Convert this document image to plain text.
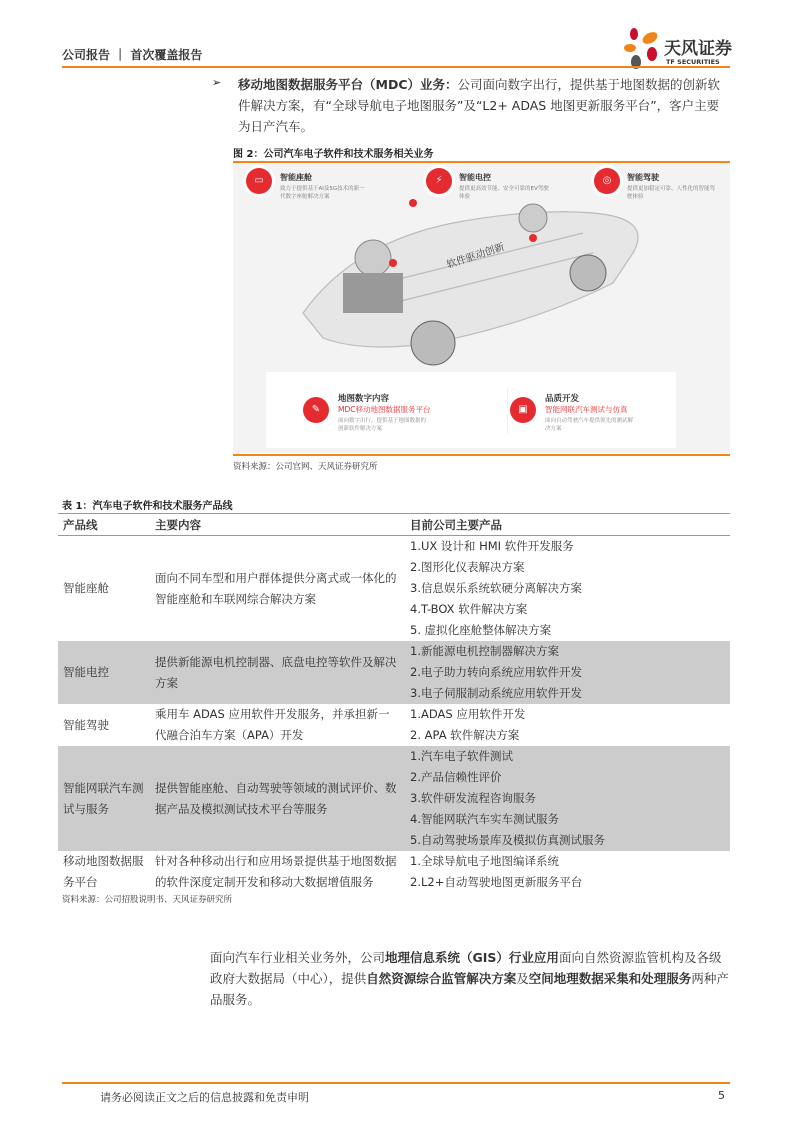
公司报告 ｜ 首次覆盖报告	天风证券
TF SECURITIES
➢ 移动地图数据服务平台（MDC）业务：公司面向数字出行，提供基于地图数据的创新软件解决方案，有“全球导航电子地图服务”及“L2+ ADAS 地图更新服务平台”，客户主要为日产汽车。
图 2：公司汽车电子软件和技术服务相关业务
软件驱动创新
▭	智能座舱
致力于提供基于AI及5G技术的新一代数字座舱解决方案
⚡	智能电控
提供更高效节能、安全可靠的EV驾驶体验
◎	智能驾驶
提供更加稳定可靠、人性化的智能驾驶体验
✎
地图数字内容
MDC移动地图数据服务平台
面向数字出行，提供基于地图数据的创新软件解决方案
▣
品质开发
智能网联汽车测试与仿真
面向自动驾驶汽车提供领先的测试解决方案
资料来源：公司官网、天风证券研究所
表 1：汽车电子软件和技术服务产品线
产品线	主要内容	目前公司主要产品
智能座舱	面向不同车型和用户群体提供分离式或一体化的智能座舱和车联网综合解决方案	1.UX 设计和 HMI 软件开发服务
2.图形化仪表解决方案
3.信息娱乐系统软硬分离解决方案
4.T-BOX 软件解决方案
5. 虚拟化座舱整体解决方案

智能电控	提供新能源电机控制器、底盘电控等软件及解决方案	1.新能源电机控制器解决方案
2.电子助力转向系统应用软件开发
3.电子伺服制动系统应用软件开发

智能驾驶	乘用车 ADAS 应用软件开发服务，并承担新一代融合泊车方案（APA）开发	1.ADAS 应用软件开发
2. APA 软件解决方案

智能网联汽车测试与服务	提供智能座舱、自动驾驶等领域的测试评价、数据产品及模拟测试技术平台等服务	1.汽车电子软件测试
2.产品信赖性评价
3.软件研发流程咨询服务
4.智能网联汽车实车测试服务
5.自动驾驶场景库及模拟仿真测试服务

移动地图数据服务平台	针对各种移动出行和应用场景提供基于地图数据的软件深度定制开发和移动大数据增值服务	1.全球导航电子地图编译系统
2.L2+自动驾驶地图更新服务平台
资料来源：公司招股说明书、天风证券研究所
面向汽车行业相关业务外，公司地理信息系统（GIS）行业应用面向自然资源监管机构及各级政府大数据局（中心），提供自然资源综合监管解决方案及空间地理数据采集和处理服务两种产品服务。
请务必阅读正文之后的信息披露和免责申明	5
